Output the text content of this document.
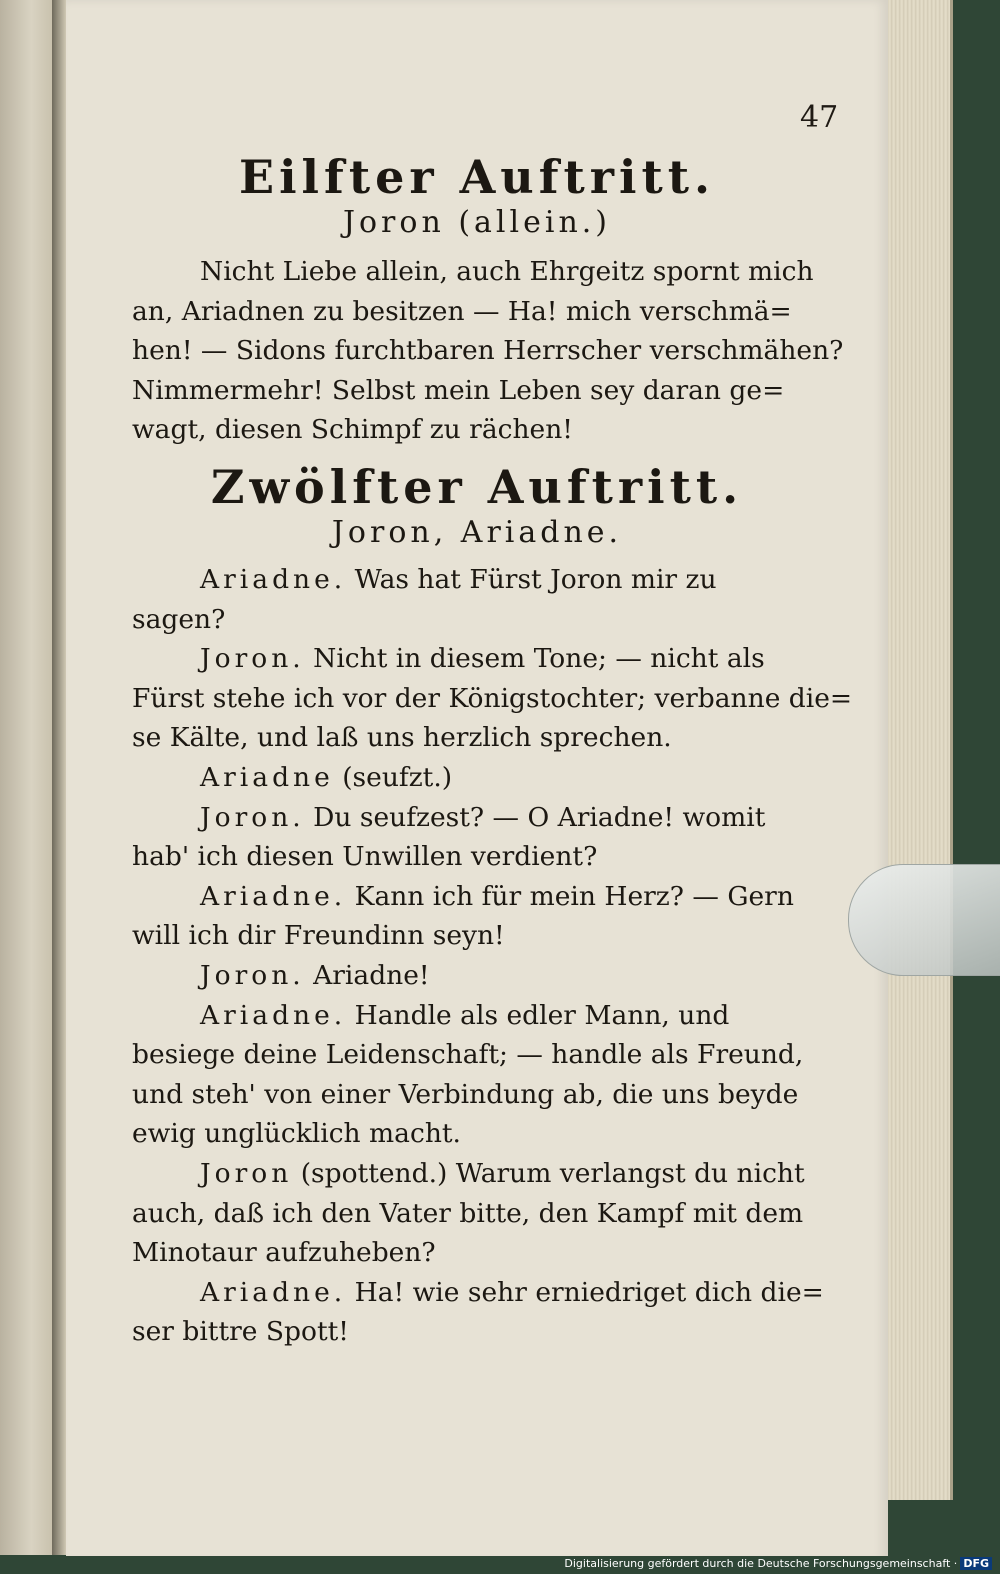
47
Eilfter Auftritt.
Joron (allein.)
Nicht Liebe allein, auch Ehrgeitz spornt mich
an, Ariadnen zu besitzen — Ha! mich verschmä=
hen! — Sidons furchtbaren Herrscher verschmähen?
Nimmermehr! Selbst mein Leben sey daran ge=
wagt, diesen Schimpf zu rächen!
Zwölfter Auftritt.
Joron, Ariadne.
Ariadne. Was hat Fürst Joron mir zu
sagen?
Joron. Nicht in diesem Tone; — nicht als
Fürst stehe ich vor der Königstochter; verbanne die=
se Kälte, und laß uns herzlich sprechen.
Ariadne (seufzt.)
Joron. Du seufzest? — O Ariadne! womit
hab' ich diesen Unwillen verdient?
Ariadne. Kann ich für mein Herz? — Gern
will ich dir Freundinn seyn!
Joron. Ariadne!
Ariadne. Handle als edler Mann, und
besiege deine Leidenschaft; — handle als Freund,
und steh' von einer Verbindung ab, die uns beyde
ewig unglücklich macht.
Joron (spottend.) Warum verlangst du nicht
auch, daß ich den Vater bitte, den Kampf mit dem
Minotaur aufzuheben?
Ariadne. Ha! wie sehr erniedriget dich die=
ser bittre Spott!
Digitalisierung gefördert durch die Deutsche Forschungsgemeinschaft · DFG
